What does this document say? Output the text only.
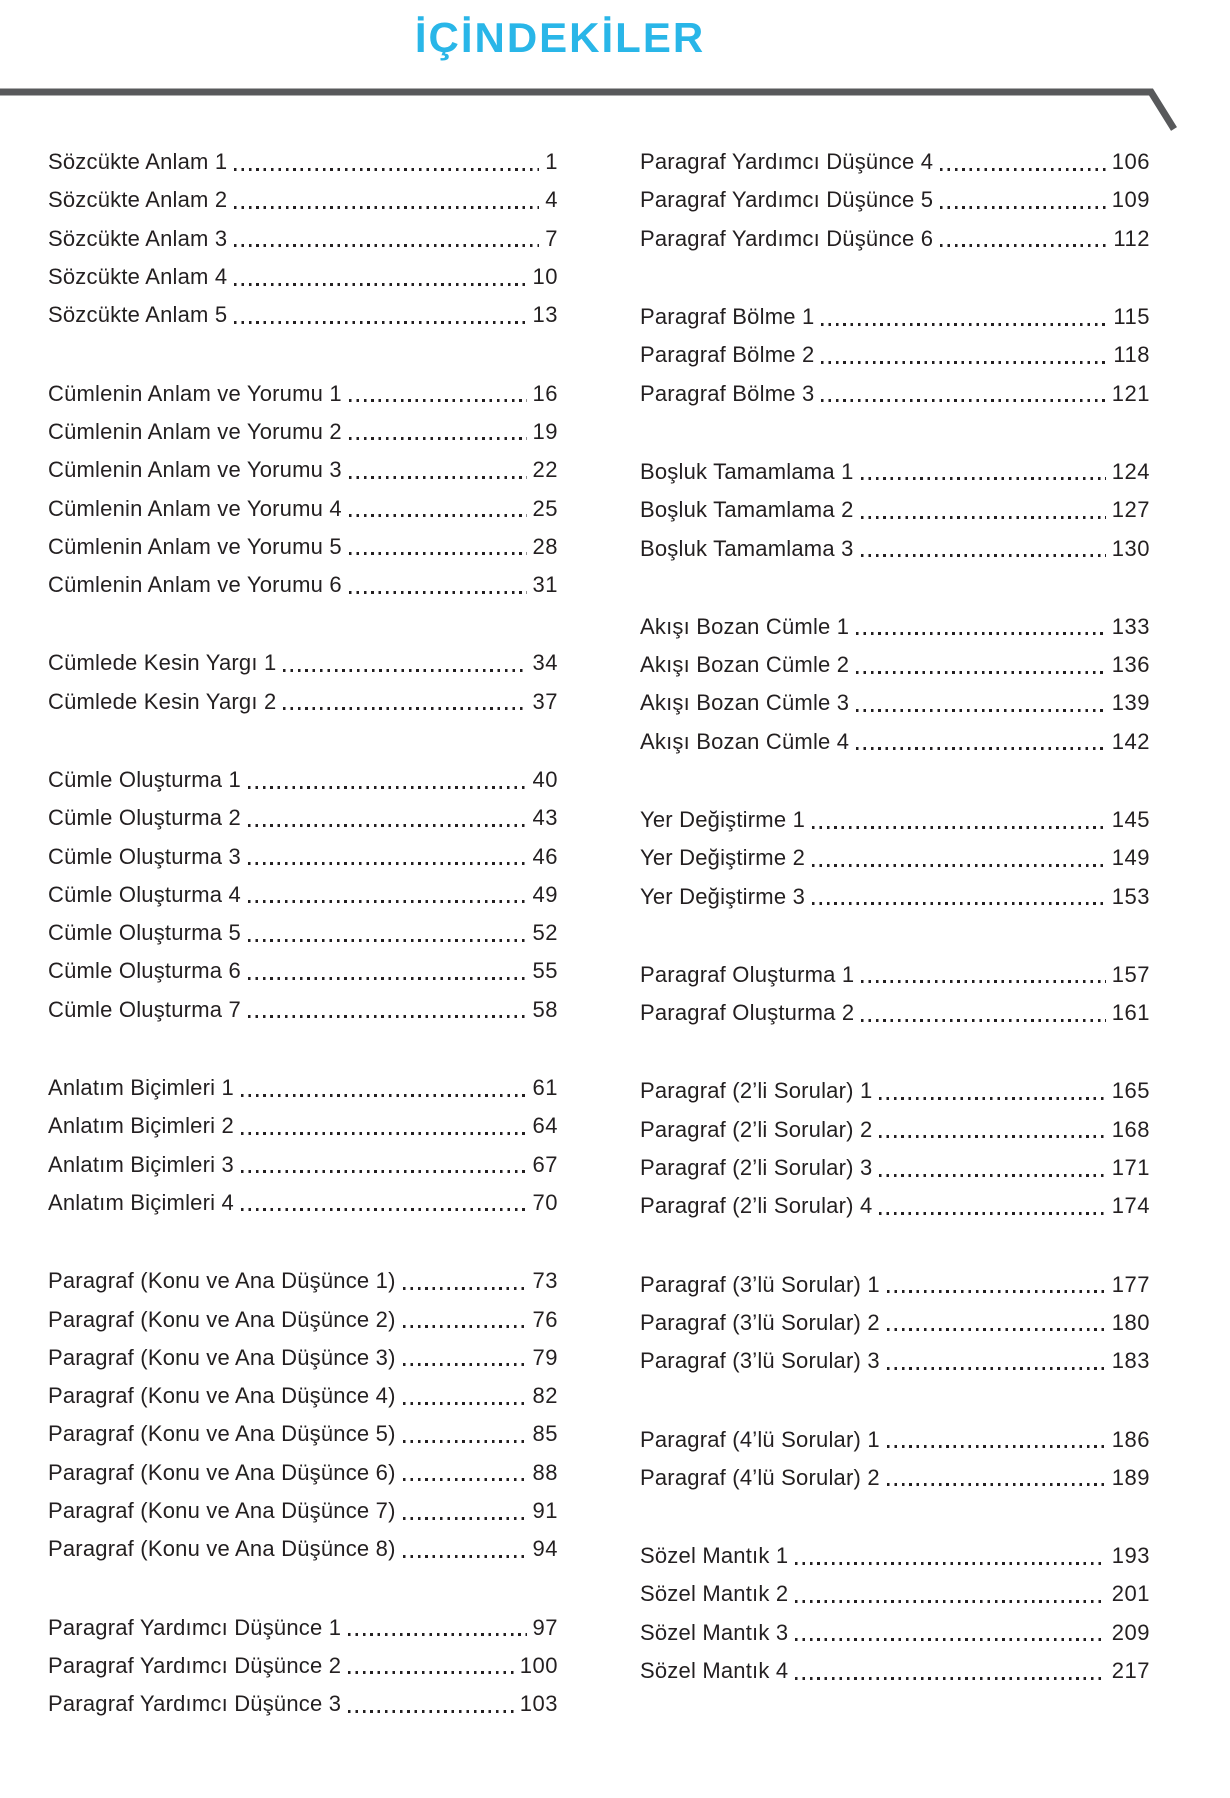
İÇİNDEKİLER
Sözcükte Anlam 1	1
Sözcükte Anlam 2	4
Sözcükte Anlam 3	7
Sözcükte Anlam 4	10
Sözcükte Anlam 5	13
Cümlenin Anlam ve Yorumu 1	16
Cümlenin Anlam ve Yorumu 2	19
Cümlenin Anlam ve Yorumu 3	22
Cümlenin Anlam ve Yorumu 4	25
Cümlenin Anlam ve Yorumu 5	28
Cümlenin Anlam ve Yorumu 6	31
Cümlede Kesin Yargı 1	34
Cümlede Kesin Yargı 2	37
Cümle Oluşturma 1	40
Cümle Oluşturma 2	43
Cümle Oluşturma 3	46
Cümle Oluşturma 4	49
Cümle Oluşturma 5	52
Cümle Oluşturma 6	55
Cümle Oluşturma 7	58
Anlatım Biçimleri 1	61
Anlatım Biçimleri 2	64
Anlatım Biçimleri 3	67
Anlatım Biçimleri 4	70
Paragraf (Konu ve Ana Düşünce 1)	73
Paragraf (Konu ve Ana Düşünce 2)	76
Paragraf (Konu ve Ana Düşünce 3)	79
Paragraf (Konu ve Ana Düşünce 4)	82
Paragraf (Konu ve Ana Düşünce 5)	85
Paragraf (Konu ve Ana Düşünce 6)	88
Paragraf (Konu ve Ana Düşünce 7)	91
Paragraf (Konu ve Ana Düşünce 8)	94
Paragraf Yardımcı Düşünce 1	97
Paragraf Yardımcı Düşünce 2	100
Paragraf Yardımcı Düşünce 3	103
Paragraf Yardımcı Düşünce 4	106
Paragraf Yardımcı Düşünce 5	109
Paragraf Yardımcı Düşünce 6	112
Paragraf Bölme 1	115
Paragraf Bölme 2	118
Paragraf Bölme 3	121
Boşluk Tamamlama 1	124
Boşluk Tamamlama 2	127
Boşluk Tamamlama 3	130
Akışı Bozan Cümle 1	133
Akışı Bozan Cümle 2	136
Akışı Bozan Cümle 3	139
Akışı Bozan Cümle 4	142
Yer Değiştirme 1	145
Yer Değiştirme 2	149
Yer Değiştirme 3	153
Paragraf Oluşturma 1	157
Paragraf Oluşturma 2	161
Paragraf (2’li Sorular) 1	165
Paragraf (2’li Sorular) 2	168
Paragraf (2’li Sorular) 3	171
Paragraf (2’li Sorular) 4	174
Paragraf (3’lü Sorular) 1	177
Paragraf (3’lü Sorular) 2	180
Paragraf (3’lü Sorular) 3	183
Paragraf (4’lü Sorular) 1	186
Paragraf (4’lü Sorular) 2	189
Sözel Mantık 1	193
Sözel Mantık 2	201
Sözel Mantık 3	209
Sözel Mantık 4	217
